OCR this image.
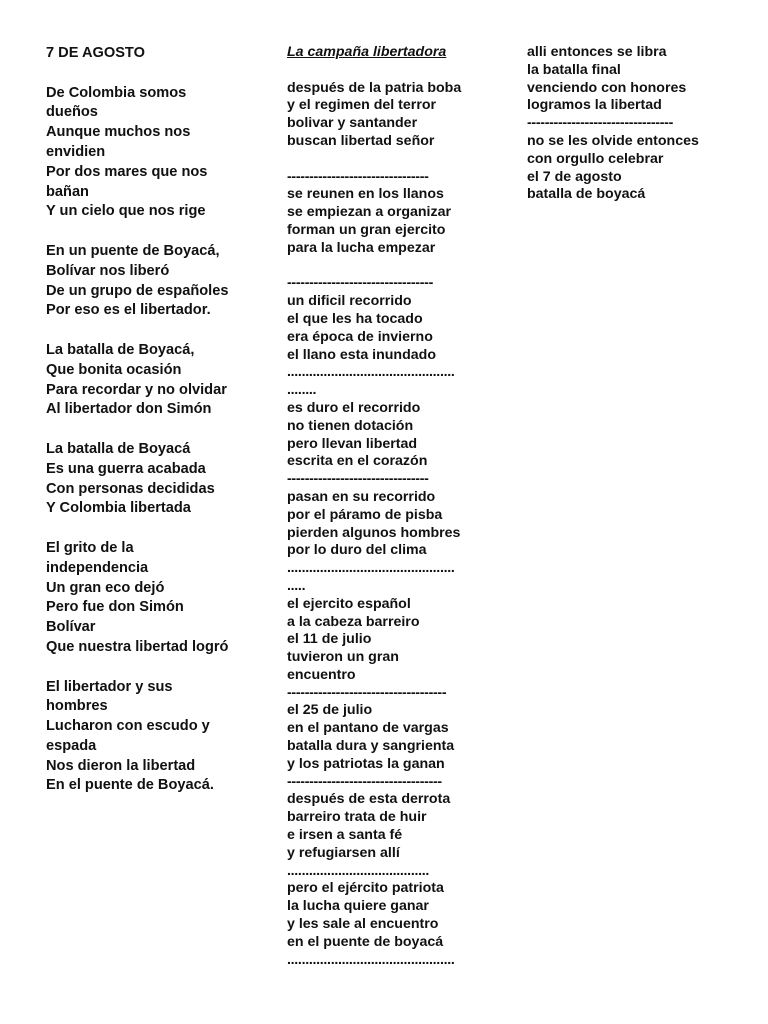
7 DE AGOSTO
De Colombia somos
dueños
Aunque muchos nos
envidien
Por dos mares que nos
bañan
Y un cielo que nos rige
En un puente de Boyacá,
Bolívar nos liberó
De un grupo de españoles
Por eso es el libertador.
La batalla de Boyacá,
Que bonita ocasión
Para recordar y no olvidar
Al libertador don Simón
La batalla de Boyacá
Es una guerra acabada
Con personas decididas
Y Colombia libertada
El grito de la
independencia
Un gran eco dejó
Pero fue don Simón
Bolívar
Que nuestra libertad logró
El libertador y sus
hombres
Lucharon con escudo y
espada
Nos dieron la libertad
En el puente de Boyacá.
La campaña libertadora
después de la patria boba
y el regimen del terror
bolivar y santander
buscan libertad señor
--------------------------------
se reunen en los llanos
se empiezan a organizar
forman un gran ejercito
para la lucha empezar
---------------------------------
un dificil recorrido
el que les ha tocado
era época de invierno
el llano esta inundado
..............................................
........
es duro el recorrido
no tienen dotación
pero llevan libertad
escrita en el corazón
--------------------------------
pasan en su recorrido
por el páramo de pisba
pierden algunos hombres
por lo duro del clima
..............................................
.....
el ejercito español
a la cabeza barreiro
el 11 de julio
tuvieron un gran
encuentro
------------------------------------
el 25 de julio
en el pantano de vargas
batalla dura y sangrienta
y los patriotas la ganan
-----------------------------------
después de esta derrota
barreiro trata de huir
e irsen a santa fé
y refugiarsen allí
.......................................
pero el ejército patriota
la lucha quiere ganar
y les sale al encuentro
en el puente de boyacá
..............................................
alli entonces se libra
la batalla final
venciendo con honores
logramos la libertad
---------------------------------
no se les olvide entonces
con orgullo celebrar
el 7 de agosto
batalla de boyacá
